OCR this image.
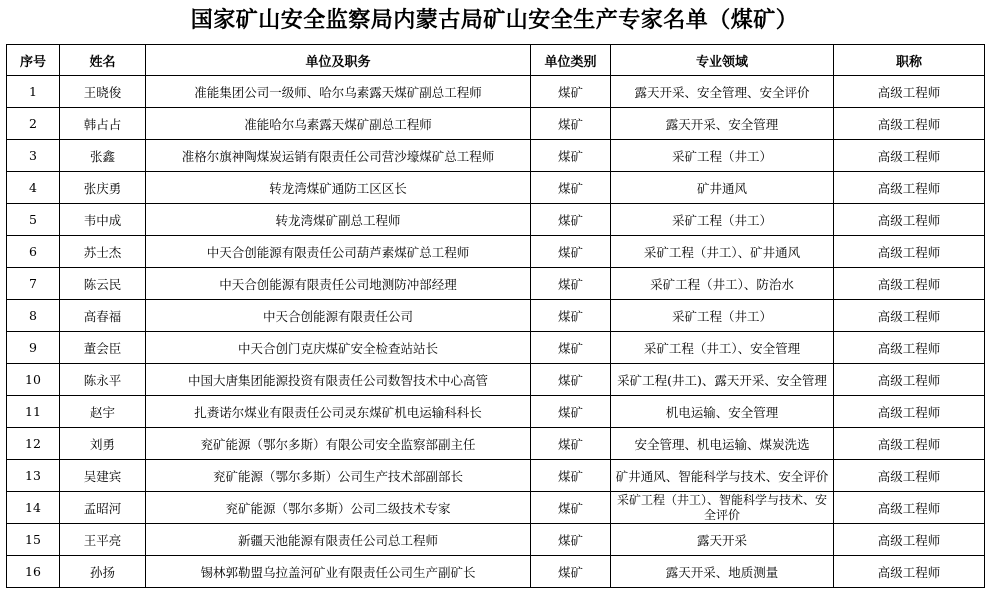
国家矿山安全监察局内蒙古局矿山安全生产专家名单（煤矿）
序号	姓名	单位及职务	单位类别	专业领域	职称
1	王晓俊	准能集团公司一级师、哈尔乌素露天煤矿副总工程师	煤矿	露天开采、安全管理、安全评价	高级工程师
2	韩占占	准能哈尔乌素露天煤矿副总工程师	煤矿	露天开采、安全管理	高级工程师
3	张鑫	准格尔旗神陶煤炭运销有限责任公司营沙壕煤矿总工程师	煤矿	采矿工程（井工）	高级工程师
4	张庆勇	转龙湾煤矿通防工区区长	煤矿	矿井通风	高级工程师
5	韦中成	转龙湾煤矿副总工程师	煤矿	采矿工程（井工）	高级工程师
6	苏士杰	中天合创能源有限责任公司葫芦素煤矿总工程师	煤矿	采矿工程（井工）、矿井通风	高级工程师
7	陈云民	中天合创能源有限责任公司地测防冲部经理	煤矿	采矿工程（井工）、防治水	高级工程师
8	高春福	中天合创能源有限责任公司	煤矿	采矿工程（井工）	高级工程师
9	董会臣	中天合创门克庆煤矿安全检查站站长	煤矿	采矿工程（井工）、安全管理	高级工程师
10	陈永平	中国大唐集团能源投资有限责任公司数智技术中心高管	煤矿	采矿工程(井工)、露天开采、安全管理	高级工程师
11	赵宇	扎赉诺尔煤业有限责任公司灵东煤矿机电运输科科长	煤矿	机电运输、安全管理	高级工程师
12	刘勇	兖矿能源（鄂尔多斯）有限公司安全监察部副主任	煤矿	安全管理、机电运输、煤炭洗选	高级工程师
13	吴建宾	兖矿能源（鄂尔多斯）公司生产技术部副部长	煤矿	矿井通风、智能科学与技术、安全评价	高级工程师
14	孟昭河	兖矿能源（鄂尔多斯）公司二级技术专家	煤矿	采矿工程（井工）、智能科学与技术、安全评价	高级工程师
15	王平亮	新疆天池能源有限责任公司总工程师	煤矿	露天开采	高级工程师
16	孙扬	锡林郭勒盟乌拉盖河矿业有限责任公司生产副矿长	煤矿	露天开采、地质测量	高级工程师
